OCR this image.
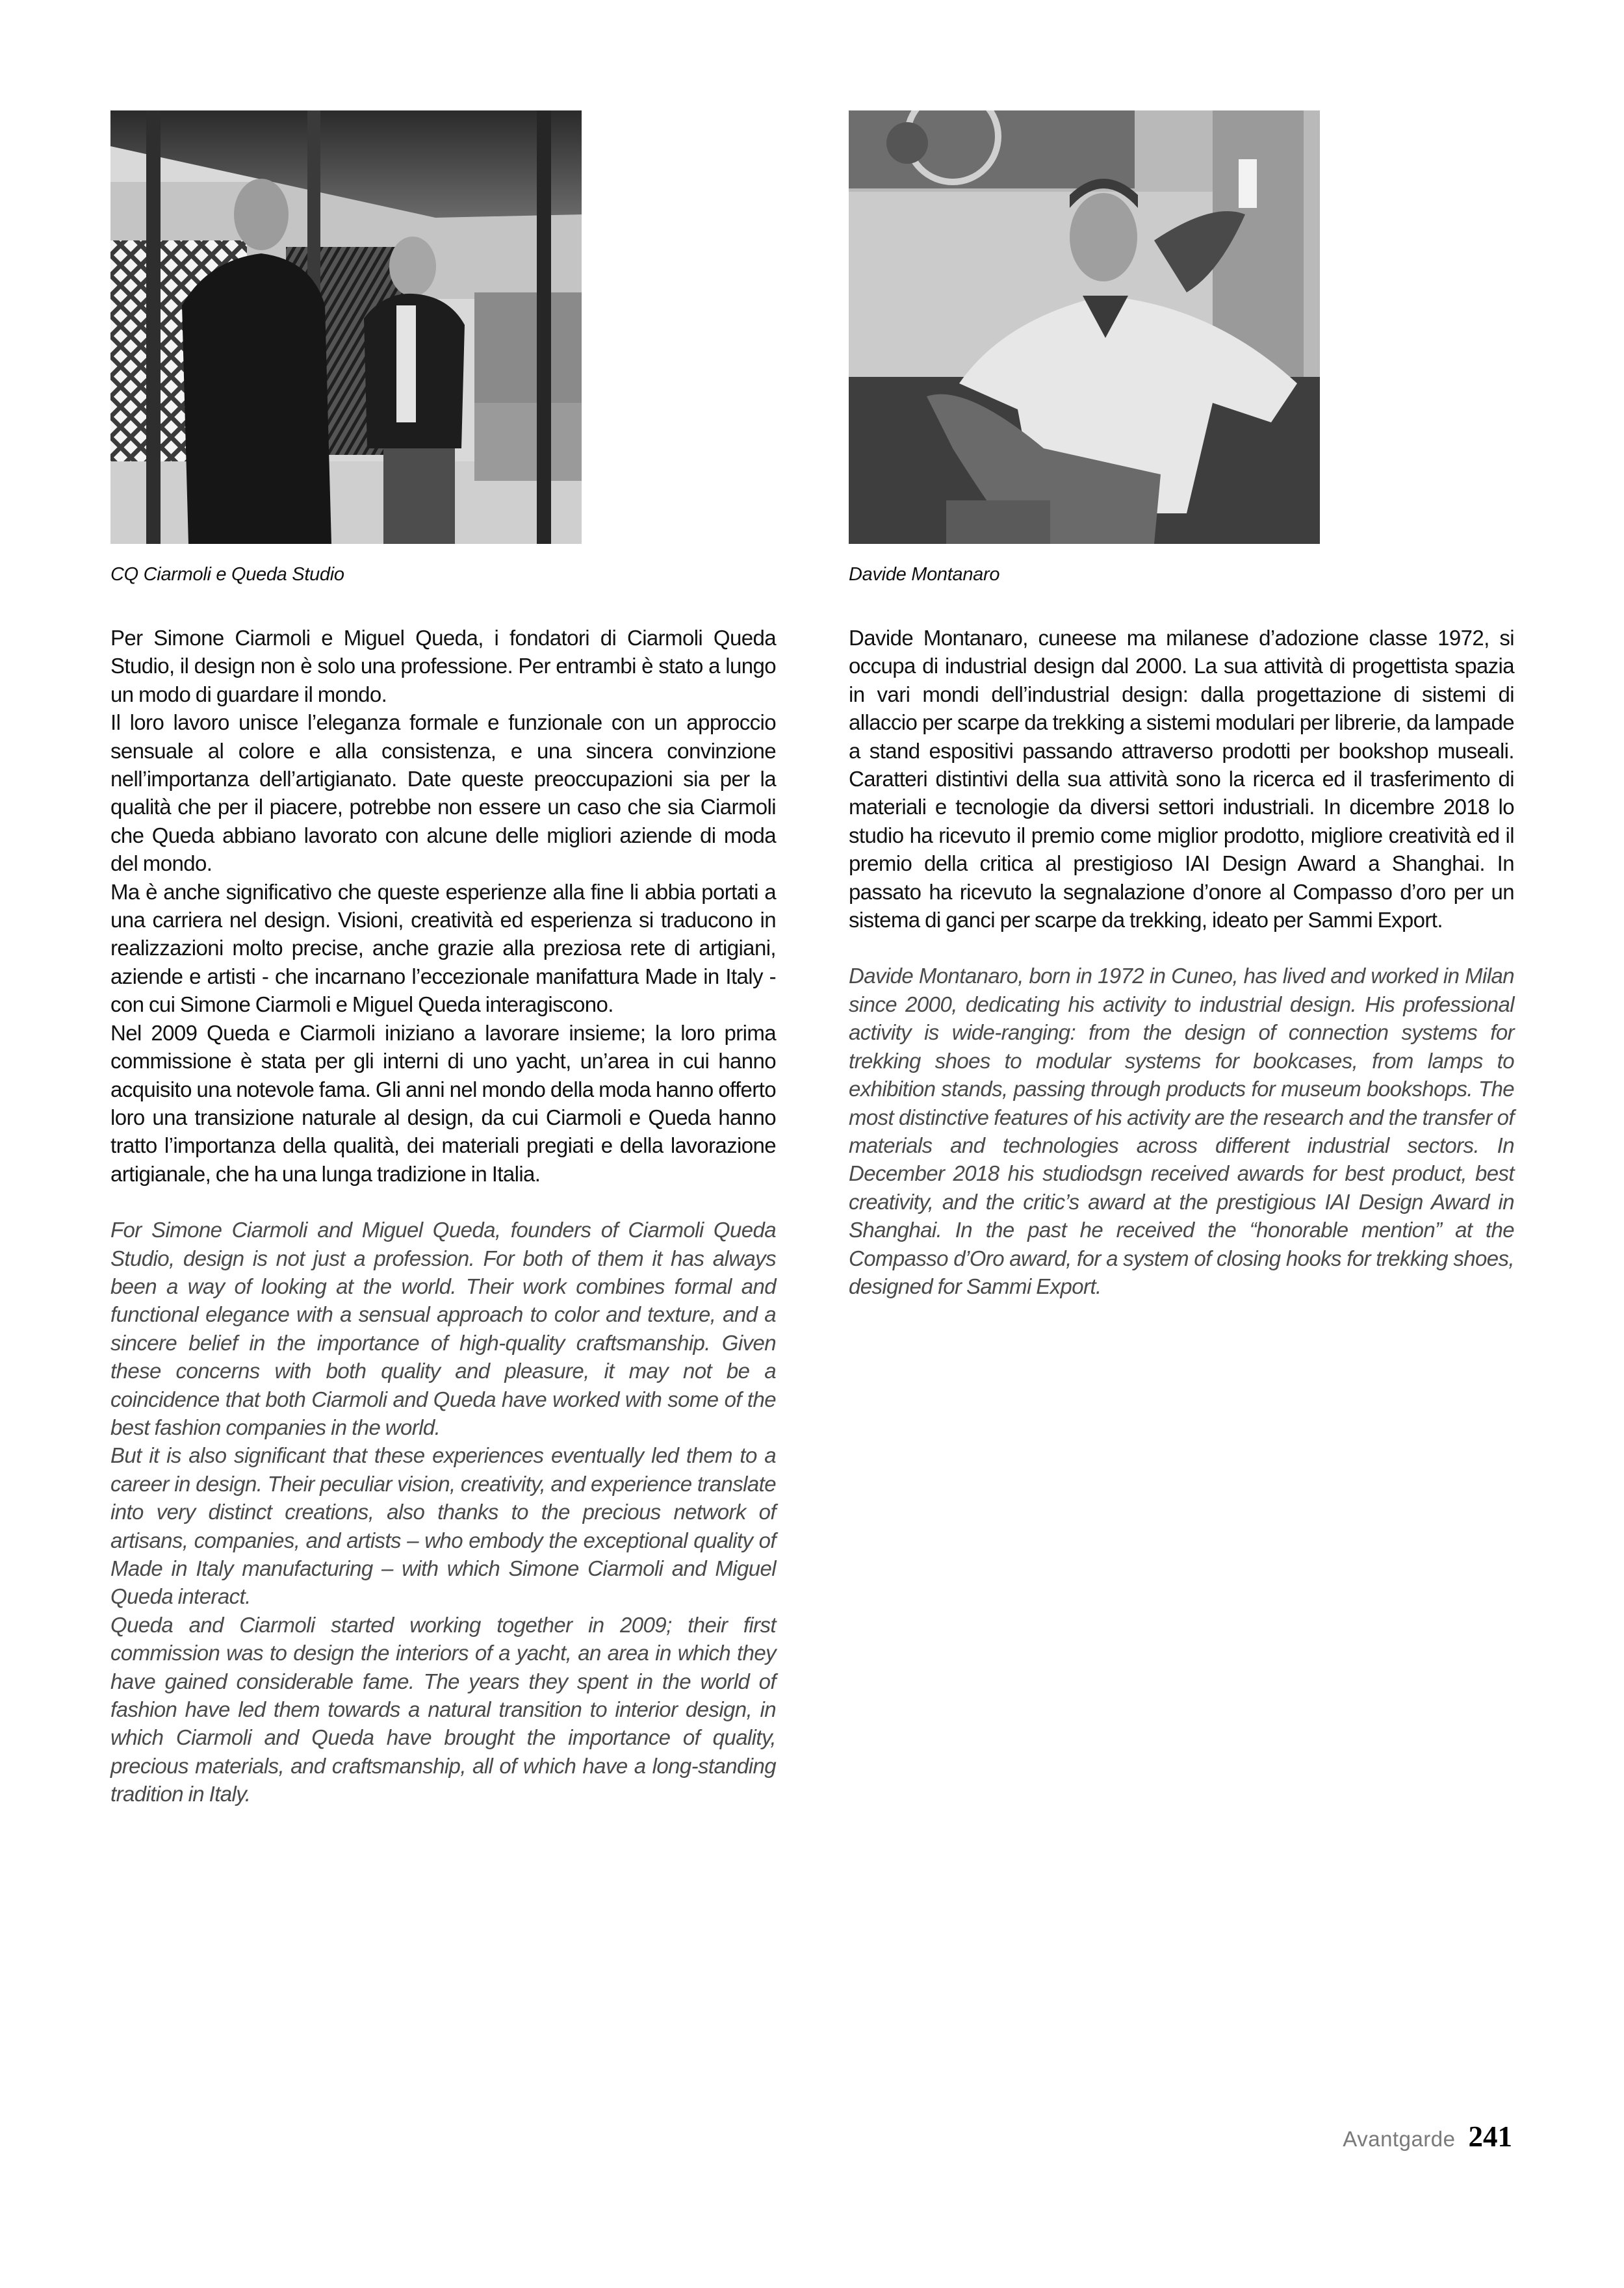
CQ Ciarmoli e Queda Studio	Davide Montanaro

Per Simone Ciarmoli e Miguel Queda, i fondatori di Ciarmoli Queda Studio, il design non è solo una professione. Per entrambi è stato a lungo un modo di guardare il mondo.

Il loro lavoro unisce l’eleganza formale e funzionale con un approccio sensuale al colore e alla consistenza, e una sincera convinzione nell’importanza dell’artigianato. Date queste preoccupazioni sia per la qualità che per il piacere, potrebbe non essere un caso che sia Ciarmoli che Queda abbiano lavorato con alcune delle migliori aziende di moda del mondo.

Ma è anche significativo che queste esperienze alla fine li abbia portati a una carriera nel design. Visioni, creatività ed esperienza si traducono in realizzazioni molto precise, anche grazie alla preziosa rete di artigiani, aziende e artisti - che incarnano l’eccezionale manifattura Made in Italy - con cui Simone Ciarmoli e Miguel Queda interagiscono.

Nel 2009 Queda e Ciarmoli iniziano a lavorare insieme; la loro prima commissione è stata per gli interni di uno yacht, un’area in cui hanno acquisito una notevole fama. Gli anni nel mondo della moda hanno offerto loro una transizione naturale al design, da cui Ciarmoli e Queda hanno tratto l’importanza della qualità, dei materiali pregiati e della lavorazione artigianale, che ha una lunga tradizione in Italia.

For Simone Ciarmoli and Miguel Queda, founders of Ciarmoli Queda Studio, design is not just a profession. For both of them it has always been a way of looking at the world. Their work combines formal and functional elegance with a sensual approach to color and texture, and a sincere belief in the importance of high-quality craftsmanship. Given these concerns with both quality and pleasure, it may not be a coincidence that both Ciarmoli and Queda have worked with some of the best fashion companies in the world.

But it is also significant that these experiences eventually led them to a career in design. Their peculiar vision, creativity, and experience translate into very distinct creations, also thanks to the precious network of artisans, companies, and artists – who embody the exceptional quality of Made in Italy manufacturing – with which Simone Ciarmoli and Miguel Queda interact.

Queda and Ciarmoli started working together in 2009; their first commission was to design the interiors of a yacht, an area in which they have gained considerable fame. The years they spent in the world of fashion have led them towards a natural transition to interior design, in which Ciarmoli and Queda have brought the importance of quality, precious materials, and craftsmanship, all of which have a long-standing tradition in Italy.

Davide Montanaro, cuneese ma milanese d’adozione classe 1972, si occupa di industrial design dal 2000. La sua attività di progettista spazia in vari mondi dell’industrial design: dalla progettazione di sistemi di allaccio per scarpe da trekking a sistemi modulari per librerie, da lampade a stand espositivi passando attraverso prodotti per bookshop museali. Caratteri distintivi della sua attività sono la ricerca ed il trasferimento di materiali e tecnologie da diversi settori industriali. In dicembre 2018 lo studio ha ricevuto il premio come miglior prodotto, migliore creatività ed il premio della critica al prestigioso IAI Design Award a Shanghai. In passato ha ricevuto la segnalazione d’onore al Compasso d’oro per un sistema di ganci per scarpe da trekking, ideato per Sammi Export.

Davide Montanaro, born in 1972 in Cuneo, has lived and worked in Milan since 2000, dedicating his activity to industrial design. His professional activity is wide-ranging: from the design of connection systems for trekking shoes to modular systems for bookcases, from lamps to exhibition stands, passing through products for museum bookshops. The most distinctive features of his activity are the research and the transfer of materials and technologies across different industrial sectors. In December 2018 his studiodsgn received awards for best product, best creativity, and the critic’s award at the prestigious IAI Design Award in Shanghai. In the past he received the “honorable mention” at the Compasso d’Oro award, for a system of closing hooks for trekking shoes, designed for Sammi Export.

Avantgarde 241
